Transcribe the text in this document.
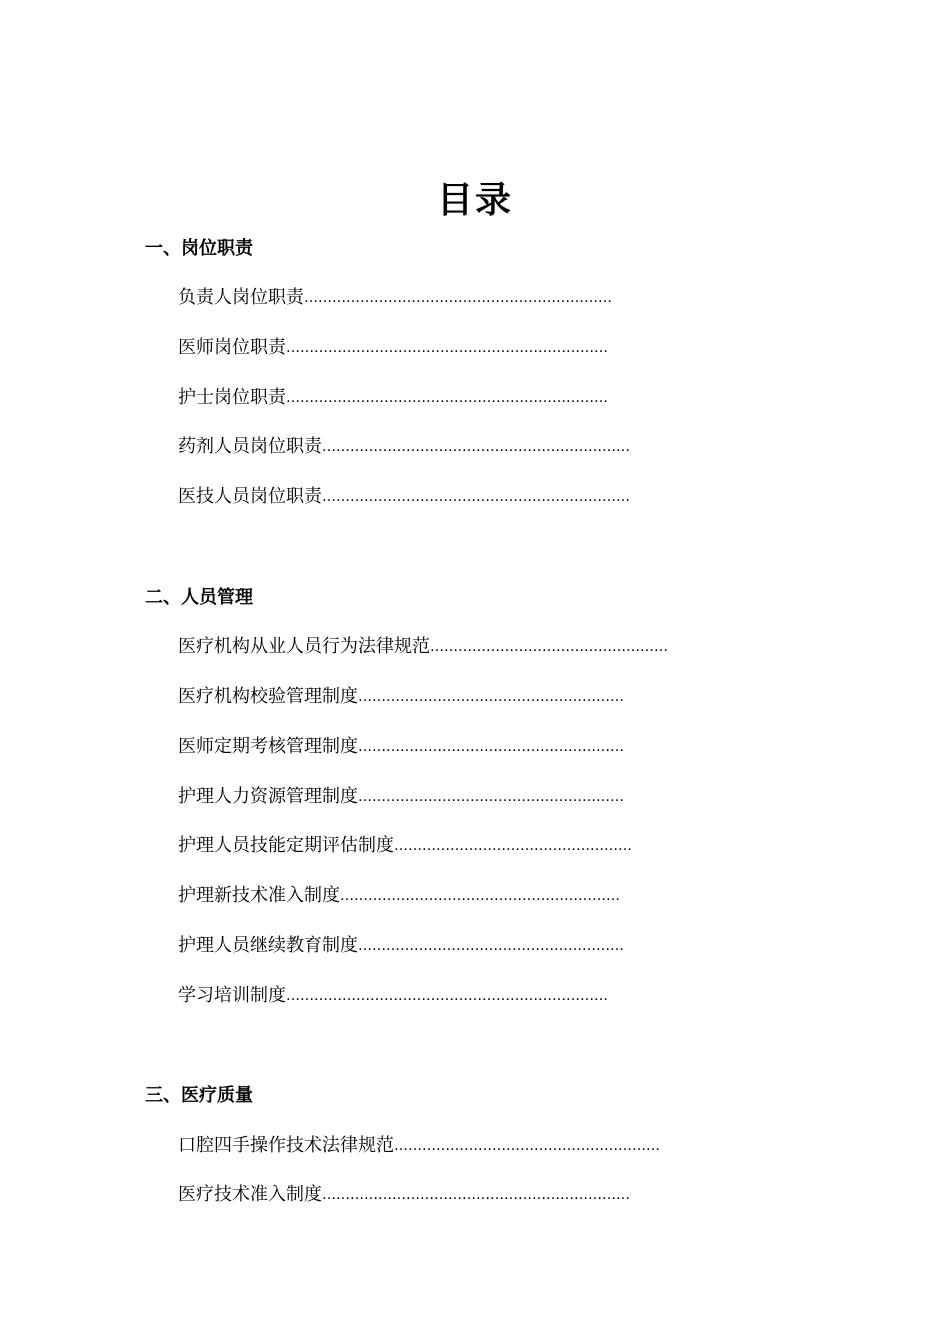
目录
一、岗位职责
负责人岗位职责…………………………………………………………
医师岗位职责……………………………………………………………
护士岗位职责……………………………………………………………
药剂人员岗位职责…………………………………………………………
医技人员岗位职责…………………………………………………………
二、人员管理
医疗机构从业人员行为法律规范……………………………………………
医疗机构校验管理制度…………………………………………………
医师定期考核管理制度…………………………………………………
护理人力资源管理制度…………………………………………………
护理人员技能定期评估制度……………………………………………
护理新技术准入制度……………………………………………………
护理人员继续教育制度…………………………………………………
学习培训制度……………………………………………………………
三、医疗质量
口腔四手操作技术法律规范…………………………………………………
医疗技术准入制度…………………………………………………………
